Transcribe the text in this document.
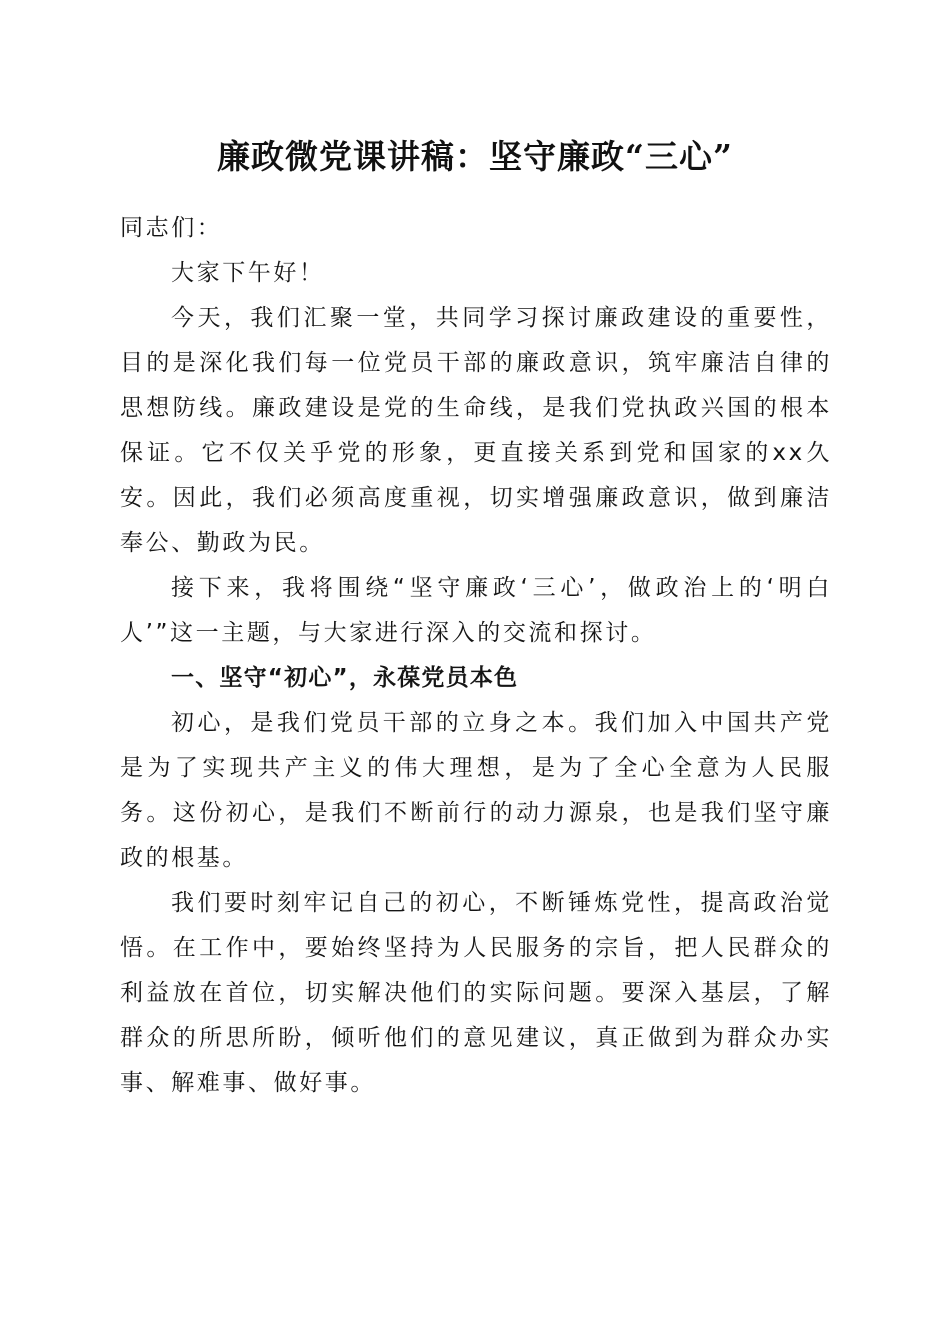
廉政微党课讲稿：坚守廉政“三心”

同志们：

大家下午好！

今天，我们汇聚一堂，共同学习探讨廉政建设的重要性，目的是深化我们每一位党员干部的廉政意识，筑牢廉洁自律的思想防线。廉政建设是党的生命线，是我们党执政兴国的根本保证。它不仅关乎党的形象，更直接关系到党和国家的xx久安。因此，我们必须高度重视，切实增强廉政意识，做到廉洁奉公、勤政为民。

接下来，我将围绕“坚守廉政‘三心’，做政治上的‘明白人’”这一主题，与大家进行深入的交流和探讨。

一、坚守“初心”，永葆党员本色

初心，是我们党员干部的立身之本。我们加入中国共产党是为了实现共产主义的伟大理想，是为了全心全意为人民服务。这份初心，是我们不断前行的动力源泉，也是我们坚守廉政的根基。

我们要时刻牢记自己的初心，不断锤炼党性，提高政治觉悟。在工作中，要始终坚持为人民服务的宗旨，把人民群众的利益放在首位，切实解决他们的实际问题。要深入基层，了解群众的所思所盼，倾听他们的意见建议，真正做到为群众办实事、解难事、做好事。
